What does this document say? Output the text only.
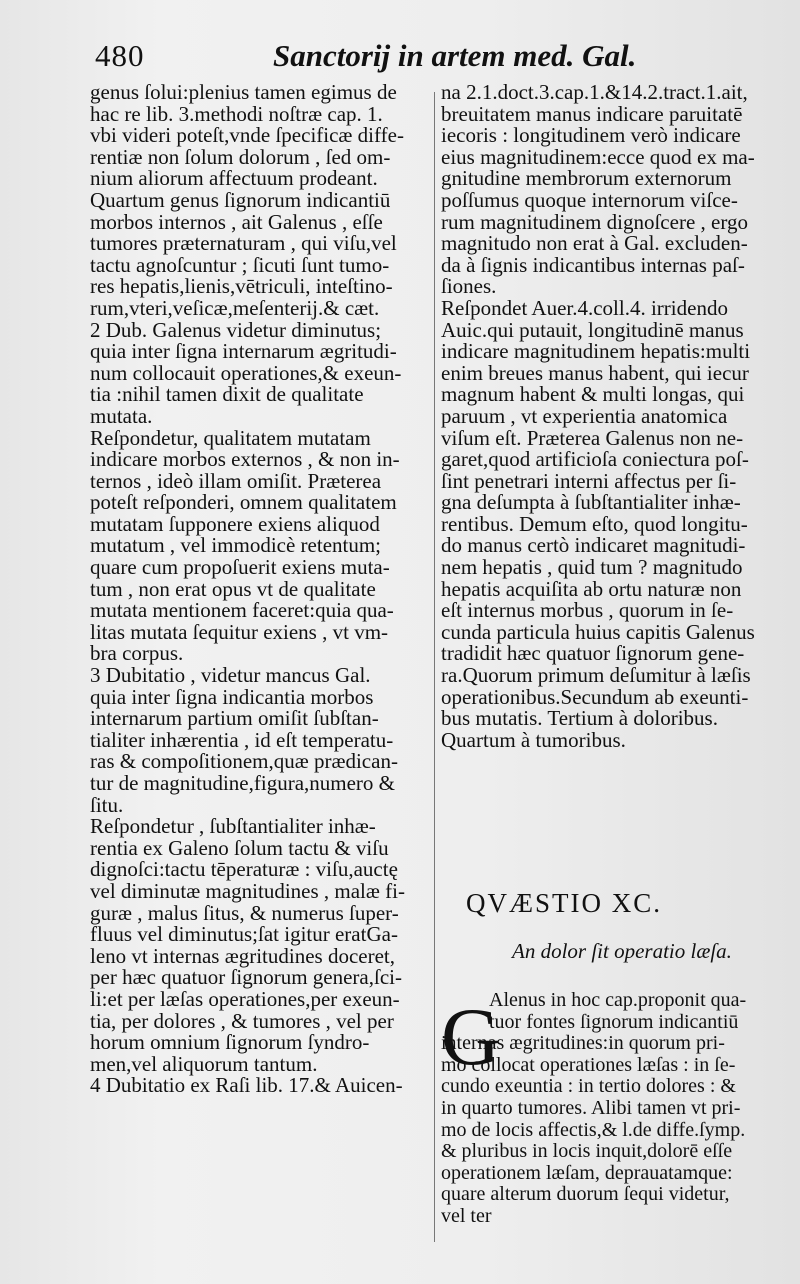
480	Sanctorij in artem med. Gal.
genus ſolui:plenius tamen egimus de
hac re lib. 3.methodi noſtræ cap. 1.
vbi videri poteſt,vnde ſpecificæ diffe-
rentiæ non ſolum dolorum , ſed om-
nium aliorum affectuum prodeant.
Quartum genus ſignorum indicantiū
morbos internos , ait Galenus , eſſe
tumores præternaturam , qui viſu,vel
tactu agnoſcuntur ; ſicuti ſunt tumo-
res hepatis,lienis,vētriculi, inteſtino-
rum,vteri,veſicæ,meſenterij.& cæt.
2 Dub. Galenus videtur diminutus;
quia inter ſigna internarum ægritudi-
num collocauit operationes,& exeun-
tia :nihil tamen dixit de qualitate
mutata.
Reſpondetur, qualitatem mutatam
indicare morbos externos , & non in-
ternos , ideò illam omiſit. Præterea
poteſt reſponderi, omnem qualitatem
mutatam ſupponere exiens aliquod
mutatum , vel immodicè retentum;
quare cum propoſuerit exiens muta-
tum , non erat opus vt de qualitate
mutata mentionem faceret:quia qua-
litas mutata ſequitur exiens , vt vm-
bra corpus.
3 Dubitatio , videtur mancus Gal.
quia inter ſigna indicantia morbos
internarum partium omiſit ſubſtan-
tialiter inhærentia , id eſt temperatu-
ras & compoſitionem,quæ prædican-
tur de magnitudine,figura,numero &
ſitu.
Reſpondetur , ſubſtantialiter inhæ-
rentia ex Galeno ſolum tactu & viſu
dignoſci:tactu tēperaturæ : viſu,auctę
vel diminutæ magnitudines , malæ fi-
guræ , malus ſitus, & numerus ſuper-
fluus vel diminutus;ſat igitur eratGa-
leno vt internas ægritudines doceret,
per hæc quatuor ſignorum genera,ſci-
li:et per læſas operationes,per exeun-
tia, per dolores , & tumores , vel per
horum omnium ſignorum ſyndro-
men,vel aliquorum tantum.
4 Dubitatio ex Raſi lib. 17.& Auicen-
na 2.1.doct.3.cap.1.&14.2.tract.1.ait,
breuitatem manus indicare paruitatē
iecoris : longitudinem verò indicare
eius magnitudinem:ecce quod ex ma-
gnitudine membrorum externorum
poſſumus quoque internorum viſce-
rum magnitudinem dignoſcere , ergo
magnitudo non erat à Gal. excluden-
da à ſignis indicantibus internas paſ-
ſiones.
Reſpondet Auer.4.coll.4. irridendo
Auic.qui putauit, longitudinē manus
indicare magnitudinem hepatis:multi
enim breues manus habent, qui iecur
magnum habent & multi longas, qui
paruum , vt experientia anatomica
viſum eſt. Præterea Galenus non ne-
garet,quod artificioſa coniectura poſ-
ſint penetrari interni affectus per ſi-
gna deſumpta à ſubſtantialiter inhæ-
rentibus. Demum eſto, quod longitu-
do manus certò indicaret magnitudi-
nem hepatis , quid tum ? magnitudo
hepatis acquiſita ab ortu naturæ non
eſt internus morbus , quorum in ſe-
cunda particula huius capitis Galenus
tradidit hæc quatuor ſignorum gene-
ra.Quorum primum deſumitur à læſis
operationibus.Secundum ab exeunti-
bus mutatis. Tertium à doloribus.
Quartum à tumoribus.
QVÆSTIO XC.
An dolor ſit operatio læſa.
G
Alenus in hoc cap.proponit qua-
tuor fontes ſignorum indicantiū
internas ægritudines:in quorum pri-
mo collocat operationes læſas : in ſe-
cundo exeuntia : in tertio dolores : &
in quarto tumores. Alibi tamen vt pri-
mo de locis affectis,& l.de diffe.ſymp.
& pluribus in locis inquit,dolorē eſſe
operationem læſam, deprauatamque:
quare alterum duorum ſequi videtur,
vel ter
